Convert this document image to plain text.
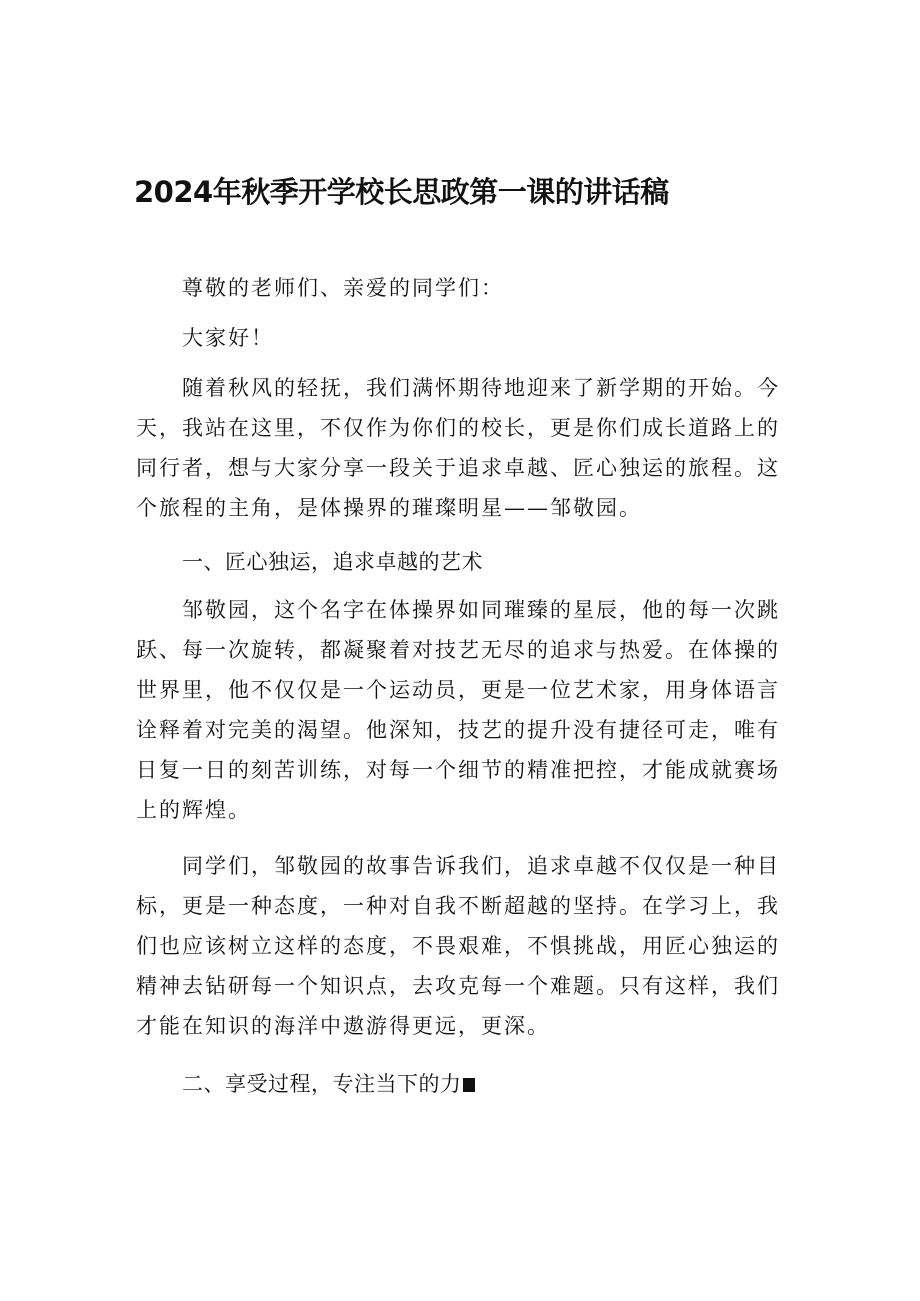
2024年秋季开学校长思政第一课的讲话稿

尊敬的老师们、亲爱的同学们：

大家好！

随着秋风的轻抚，我们满怀期待地迎来了新学期的开始。今天，我站在这里，不仅作为你们的校长，更是你们成长道路上的同行者，想与大家分享一段关于追求卓越、匠心独运的旅程。这个旅程的主角，是体操界的璀璨明星——邹敬园。

一、匠心独运，追求卓越的艺术

邹敬园，这个名字在体操界如同璀臻的星辰，他的每一次跳跃、每一次旋转，都凝聚着对技艺无尽的追求与热爱。在体操的世界里，他不仅仅是一个运动员，更是一位艺术家，用身体语言诠释着对完美的渴望。他深知，技艺的提升没有捷径可走，唯有日复一日的刻苦训练，对每一个细节的精准把控，才能成就赛场上的辉煌。

同学们，邹敬园的故事告诉我们，追求卓越不仅仅是一种目标，更是一种态度，一种对自我不断超越的坚持。在学习上，我们也应该树立这样的态度，不畏艰难，不惧挑战，用匠心独运的精神去钻研每一个知识点，去攻克每一个难题。只有这样，我们才能在知识的海洋中遨游得更远，更深。

二、享受过程，专注当下的力
